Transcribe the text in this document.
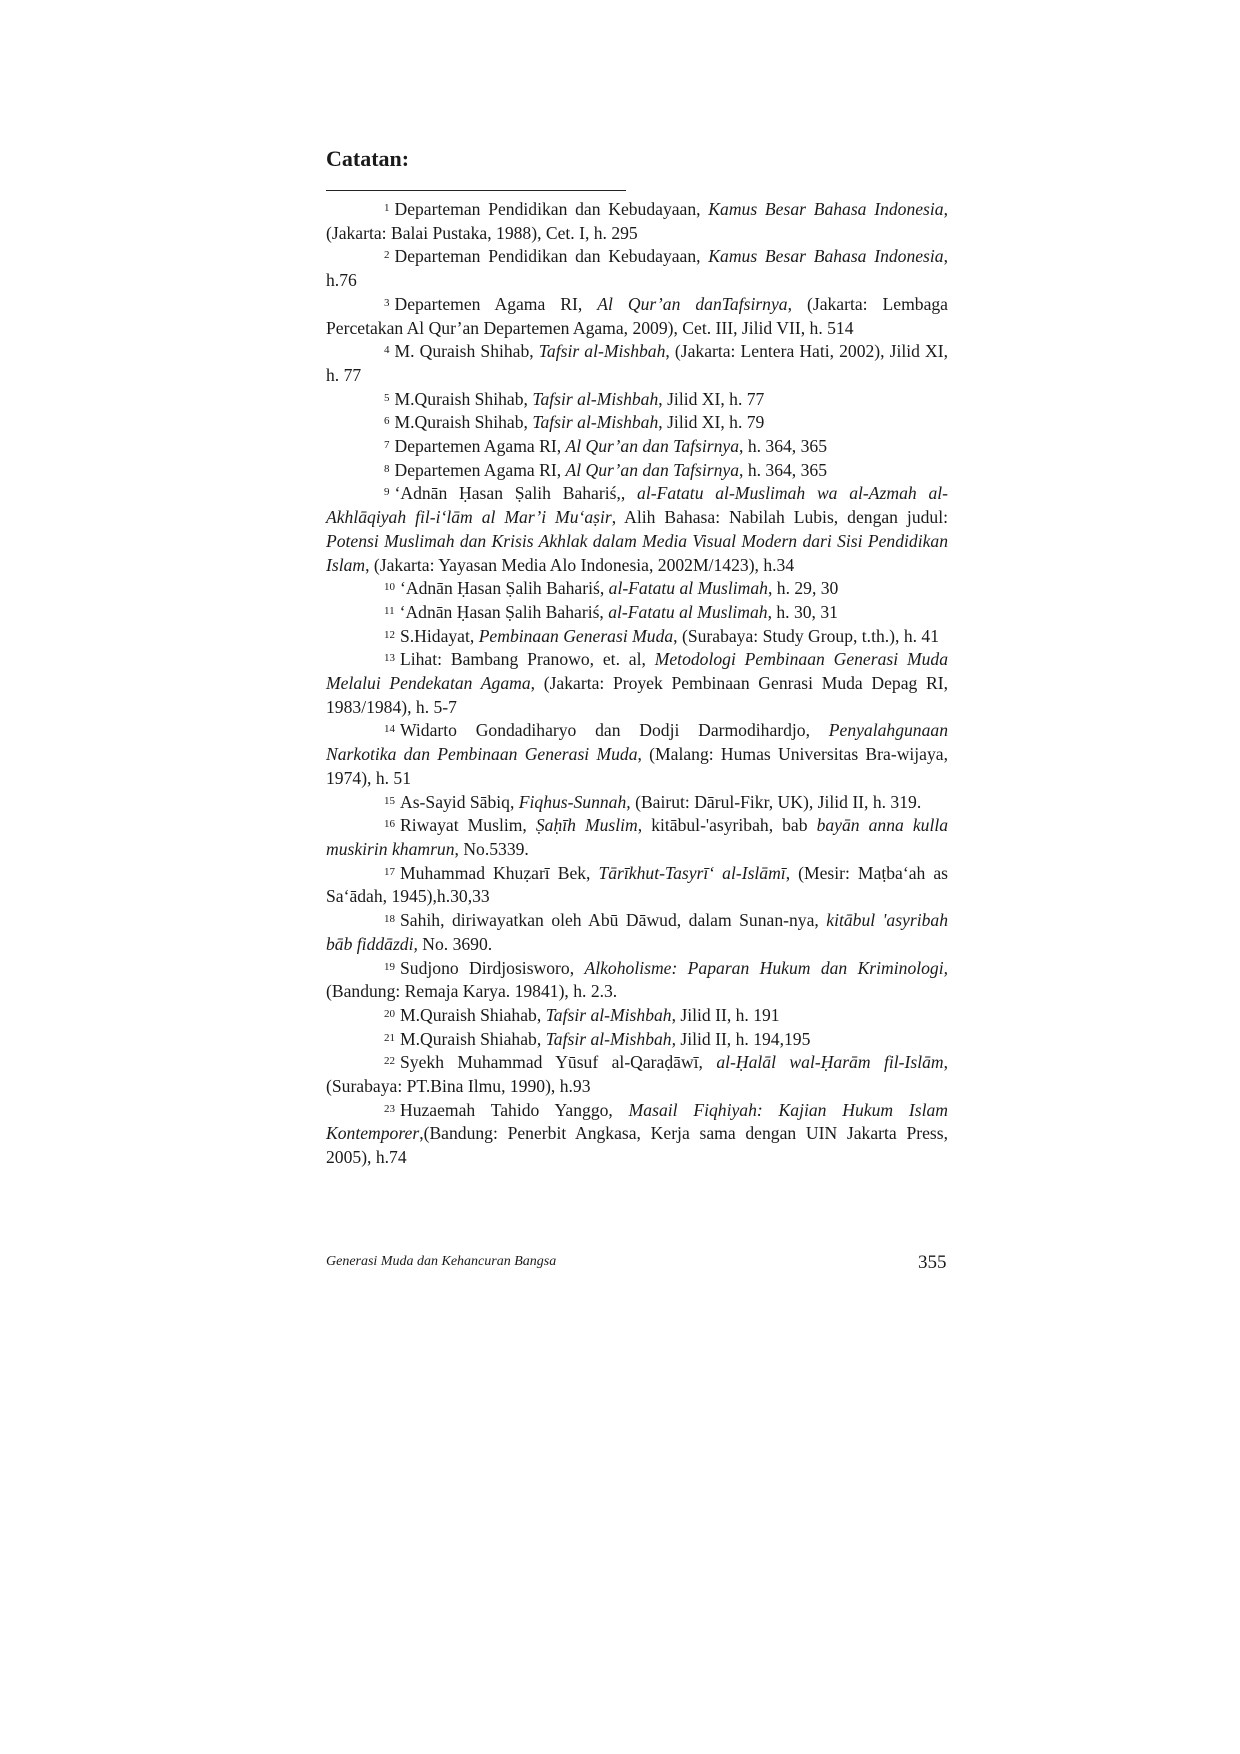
Catatan:

$^1$ Departeman Pendidikan dan Kebudayaan, Kamus Besar Bahasa Indonesia, (Jakarta: Balai Pustaka, 1988), Cet. I, h. 295

$^2$ Departeman Pendidikan dan Kebudayaan, Kamus Besar Bahasa Indonesia, h.76

$^3$ Departemen Agama RI, Al Qur’an danTafsirnya, (Jakarta: Lembaga Percetakan Al Qur’an Departemen Agama, 2009), Cet. III, Jilid VII, h. 514

$^4$ M. Quraish Shihab, Tafsir al-Mishbah, (Jakarta: Lentera Hati, 2002), Jilid XI, h. 77

$^5$ M.Quraish Shihab, Tafsir al-Mishbah, Jilid XI, h. 77

$^6$ M.Quraish Shihab, Tafsir al-Mishbah, Jilid XI, h. 79

$^7$ Departemen Agama RI, Al Qur’an dan Tafsirnya, h. 364, 365

$^8$ Departemen Agama RI, Al Qur’an dan Tafsirnya, h. 364, 365

$^9$ ‘Adnān Ḥasan Ṣalih Bahariś,, al-Fatatu al-Muslimah wa al-Azmah al-Akhlāqiyah fil-i‘lām al Mar’i Mu‘aṣir, Alih Bahasa: Nabilah Lubis, dengan judul: Potensi Muslimah dan Krisis Akhlak dalam Media Visual Modern dari Sisi Pendidikan Islam, (Jakarta: Yayasan Media Alo Indonesia, 2002M/1423), h.34

$^{10}$ ‘Adnān Ḥasan Ṣalih Bahariś, al-Fatatu al Muslimah, h. 29, 30

$^{11}$ ‘Adnān Ḥasan Ṣalih Bahariś, al-Fatatu al Muslimah, h. 30, 31

$^{12}$ S.Hidayat, Pembinaan Generasi Muda, (Surabaya: Study Group, t.th.), h. 41

$^{13}$ Lihat: Bambang Pranowo, et. al, Metodologi Pembinaan Generasi Muda Melalui Pendekatan Agama, (Jakarta: Proyek Pembinaan Genrasi Muda Depag RI, 1983/1984), h. 5-7

$^{14}$ Widarto Gondadiharyo dan Dodji Darmodihardjo, Penyalahgunaan Narkotika dan Pembinaan Generasi Muda, (Malang: Humas Universitas Bra-wijaya, 1974), h. 51

$^{15}$ As-Sayid Sābiq, Fiqhus-Sunnah, (Bairut: Dārul-Fikr, UK), Jilid II, h. 319.

$^{16}$ Riwayat Muslim, Ṣaḥīh Muslim, kitābul-'asyribah, bab bayān anna kulla muskirin khamrun, No.5339.

$^{17}$ Muhammad Khuẓarī Bek, Tārīkhut-Tasyrī‘ al-Islāmī, (Mesir: Maṭba‘ah as Sa‘ādah, 1945),h.30,33

$^{18}$ Sahih, diriwayatkan oleh Abū Dāwud, dalam Sunan-nya, kitābul 'asyribah bāb fiddāzdi, No. 3690.

$^{19}$ Sudjono Dirdjosisworo, Alkoholisme: Paparan Hukum dan Kriminologi, (Bandung: Remaja Karya. 19841), h. 2.3.

$^{20}$ M.Quraish Shiahab, Tafsir al-Mishbah, Jilid II, h. 191

$^{21}$ M.Quraish Shiahab, Tafsir al-Mishbah, Jilid II, h. 194,195

$^{22}$ Syekh Muhammad Yūsuf al-Qaraḍāwī, al-Ḥalāl wal-Ḥarām fil-Islām, (Surabaya: PT.Bina Ilmu, 1990), h.93

$^{23}$ Huzaemah Tahido Yanggo, Masail Fiqhiyah: Kajian Hukum Islam Kontemporer,(Bandung: Penerbit Angkasa, Kerja sama dengan UIN Jakarta Press, 2005), h.74

Generasi Muda dan Kehancuran Bangsa	355
